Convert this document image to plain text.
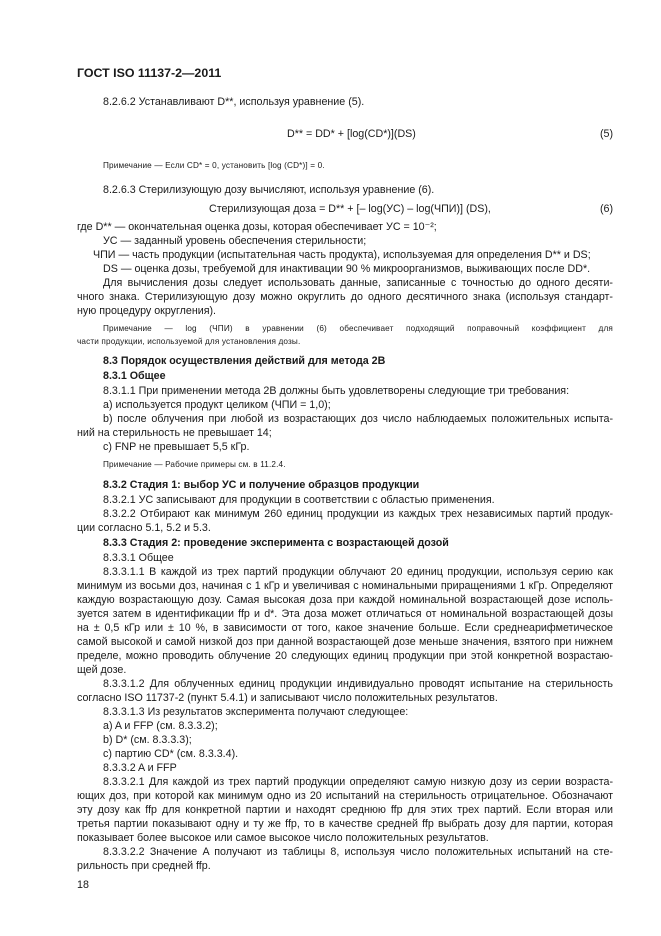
ГОСТ ISO 11137-2—2011
8.2.6.2 Устанавливают D**, используя уравнение (5).
D** = DD* + [log(CD*)](DS)	(5)
Примечание — Если CD* = 0, установить [log (CD*)] = 0.
8.2.6.3 Стерилизующую дозу вычисляют, используя уравнение (6).
Стерилизующая доза = D** + [– log(УС) – log(ЧПИ)] (DS),	(6)
где D** — окончательная оценка дозы, которая обеспечивает УС = 10⁻²;
УС — заданный уровень обеспечения стерильности;
ЧПИ — часть продукции (испытательная часть продукта), используемая для определения D** и DS;
DS — оценка дозы, требуемой для инактивации 90 % микроорганизмов, выживающих после DD*.
Для вычисления дозы следует использовать данные, записанные с точностью до одного десяти-
чного знака. Стерилизующую дозу можно округлить до одного десятичного знака (используя стандарт-
ную процедуру округления).
Примечание — log (ЧПИ) в уравнении (6) обеспечивает подходящий поправочный коэффициент для
части продукции, используемой для установления дозы.
8.3 Порядок осуществления действий для метода 2В
8.3.1 Общее
8.3.1.1 При применении метода 2В должны быть удовлетворены следующие три требования:
a) используется продукт целиком (ЧПИ = 1,0);
b) после облучения при любой из возрастающих доз число наблюдаемых положительных испыта-
ний на стерильность не превышает 14;
c) FNP не превышает 5,5 кГр.
Примечание — Рабочие примеры см. в 11.2.4.
8.3.2 Стадия 1: выбор УС и получение образцов продукции
8.3.2.1 УС записывают для продукции в соответствии с областью применения.
8.3.2.2 Отбирают как минимум 260 единиц продукции из каждых трех независимых партий продук-
ции согласно 5.1, 5.2 и 5.3.
8.3.3 Стадия 2: проведение эксперимента с возрастающей дозой
8.3.3.1 Общее
8.3.3.1.1 В каждой из трех партий продукции облучают 20 единиц продукции, используя серию как
минимум из восьми доз, начиная с 1 кГр и увеличивая с номинальными приращениями 1 кГр. Определяют
каждую возрастающую дозу. Самая высокая доза при каждой номинальной возрастающей дозе исполь-
зуется затем в идентификации ffp и d*. Эта доза может отличаться от номинальной возрастающей дозы
на ± 0,5 кГр или ± 10 %, в зависимости от того, какое значение больше. Если среднеарифметическое
самой высокой и самой низкой доз при данной возрастающей дозе меньше значения, взятого при нижнем
пределе, можно проводить облучение 20 следующих единиц продукции при этой конкретной возрастаю-
щей дозе.
8.3.3.1.2 Для облученных единиц продукции индивидуально проводят испытание на стерильность
согласно ISO 11737-2 (пункт 5.4.1) и записывают число положительных результатов.
8.3.3.1.3 Из результатов эксперимента получают следующее:
a) A и FFP (см. 8.3.3.2);
b) D* (см. 8.3.3.3);
c) партию CD* (см. 8.3.3.4).
8.3.3.2 A и FFP
8.3.3.2.1 Для каждой из трех партий продукции определяют самую низкую дозу из серии возраста-
ющих доз, при которой как минимум одно из 20 испытаний на стерильность отрицательное. Обозначают
эту дозу как ffp для конкретной партии и находят среднюю ffp для этих трех партий. Если вторая или
третья партии показывают одну и ту же ffp, то в качестве средней ffp выбрать дозу для партии, которая
показывает более высокое или самое высокое число положительных результатов.
8.3.3.2.2 Значение A получают из таблицы 8, используя число положительных испытаний на сте-
рильность при средней ffp.
18
